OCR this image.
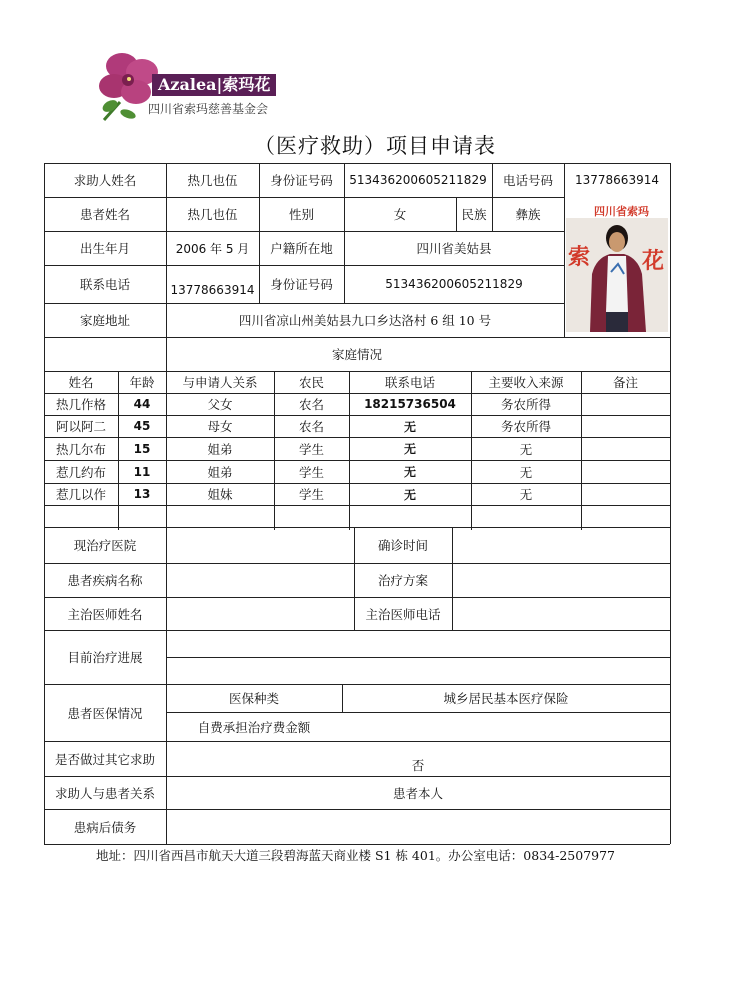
Azalea|索玛花
四川省索玛慈善基金会
（医疗救助）项目申请表
求助人姓名	热几也伍	身份证号码	513436200605211829	电话号码	13778663914
患者姓名	热几也伍	性别	女	民族	彝族
出生年月	2006 年 5 月	户籍所在地	四川省美姑县
联系电话	13778663914	身份证号码	513436200605211829
家庭地址	四川省凉山州美姑县九口乡达洛村 6 组 10 号
四川省索玛
索 花
家庭情况
姓名	年龄	与申请人关系	农民	联系电话	主要收入来源	备注
热几作格	44	父女	农名	18215736504	务农所得
阿以阿二	45	母女	农名	无	务农所得
热几尔布	15	姐弟	学生	无	无
惹几约布	11	姐弟	学生	无	无
惹几以作	13	姐妹	学生	无	无
现治疗医院	确诊时间
患者疾病名称	治疗方案
主治医师姓名	主治医师电话
目前治疗进展
患者医保情况
医保种类	城乡居民基本医疗保险
自费承担治疗费金额
是否做过其它求助	否
求助人与患者关系	患者本人
患病后债务
地址：四川省西昌市航天大道三段碧海蓝天商业楼 S1 栋 401。办公室电话：0834-2507977
